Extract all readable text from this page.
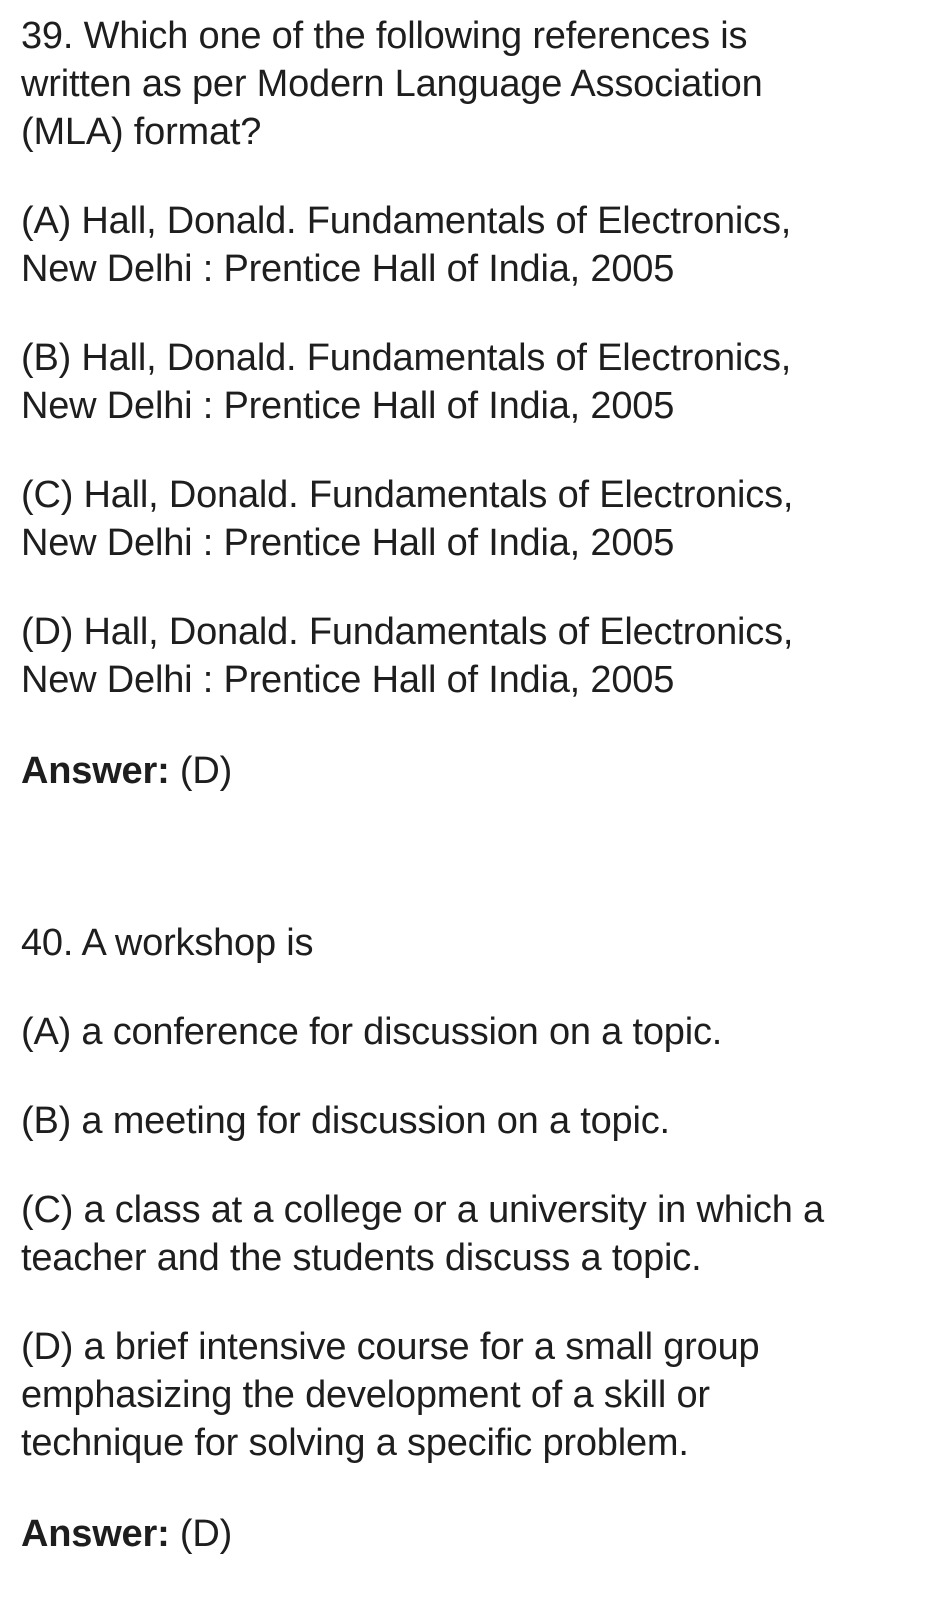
39. Which one of the following references is
written as per Modern Language Association
(MLA) format?

(A) Hall, Donald. Fundamentals of Electronics,
New Delhi : Prentice Hall of India, 2005

(B) Hall, Donald. Fundamentals of Electronics,
New Delhi : Prentice Hall of India, 2005

(C) Hall, Donald. Fundamentals of Electronics,
New Delhi : Prentice Hall of India, 2005

(D) Hall, Donald. Fundamentals of Electronics,
New Delhi : Prentice Hall of India, 2005

Answer: (D)

40. A workshop is

(A) a conference for discussion on a topic.

(B) a meeting for discussion on a topic.

(C) a class at a college or a university in which a
teacher and the students discuss a topic.

(D) a brief intensive course for a small group
emphasizing the development of a skill or
technique for solving a specific problem.

Answer: (D)
